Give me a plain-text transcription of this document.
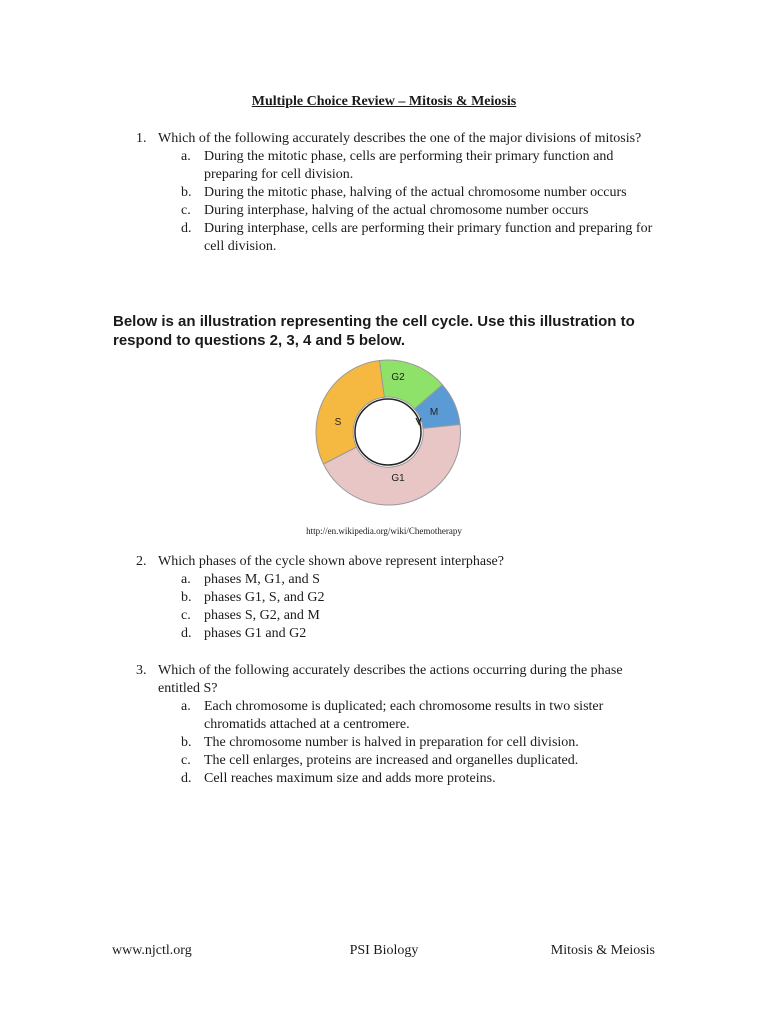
Multiple Choice Review – Mitosis & Meiosis
1. Which of the following accurately describes the one of the major divisions of mitosis?
a. During the mitotic phase, cells are performing their primary function and preparing for cell division.
b. During the mitotic phase, halving of the actual chromosome number occurs
c. During interphase, halving of the actual chromosome number occurs
d. During interphase, cells are performing their primary function and preparing for cell division.
Below is an illustration representing the cell cycle. Use this illustration to respond to questions 2, 3, 4 and 5 below.
G2
M
S
G1
http://en.wikipedia.org/wiki/Chemotherapy
2. Which phases of the cycle shown above represent interphase?
a. phases M, G1, and S
b. phases G1, S, and G2
c. phases S, G2, and M
d. phases G1 and G2
3. Which of the following accurately describes the actions occurring during the phase entitled S?
a. Each chromosome is duplicated; each chromosome results in two sister chromatids attached at a centromere.
b. The chromosome number is halved in preparation for cell division.
c. The cell enlarges, proteins are increased and organelles duplicated.
d. Cell reaches maximum size and adds more proteins.
www.njctl.org	PSI Biology	Mitosis & Meiosis
